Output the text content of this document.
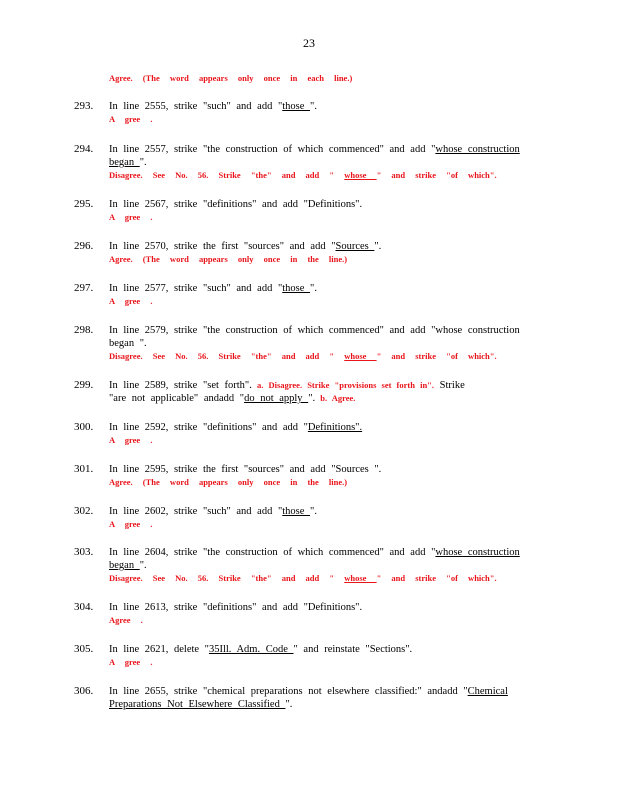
23
Agree. (The word appears only once in each line.)
293. In line 2555, strike "such" and add "those ".
A gree .
294. In line 2557, strike "the construction of which commenced" and add "whose construction
began ".
Disagree. See No. 56. Strike "the" and add " whose " and strike "of which".
295. In line 2567, strike "definitions" and add "Definitions".
A gree .
296. In line 2570, strike the first "sources" and add "Sources ".
Agree. (The word appears only once in the line.)
297. In line 2577, strike "such" and add "those ".
A gree .
298. In line 2579, strike "the construction of which commenced" and add "whose construction
began ".
Disagree. See No. 56. Strike "the" and add " whose " and strike "of which".
299. In line 2589, strike "set forth". a. Disagree. Strike "provisions set forth in". Strike
"are not applicable" andadd "do not apply ". b. Agree.
300. In line 2592, strike "definitions" and add "Definitions".
A gree .
301. In line 2595, strike the first "sources" and add "Sources ".
Agree. (The word appears only once in the line.)
302. In line 2602, strike "such" and add "those ".
A gree .
303. In line 2604, strike "the construction of which commenced" and add "whose construction
began ".
Disagree. See No. 56. Strike "the" and add " whose " and strike "of which".
304. In line 2613, strike "definitions" and add "Definitions".
Agree .
305. In line 2621, delete "35Ill. Adm. Code " and reinstate "Sections".
A gree .
306. In line 2655, strike "chemical preparations not elsewhere classified:" andadd "Chemical
Preparations Not Elsewhere Classified ".
